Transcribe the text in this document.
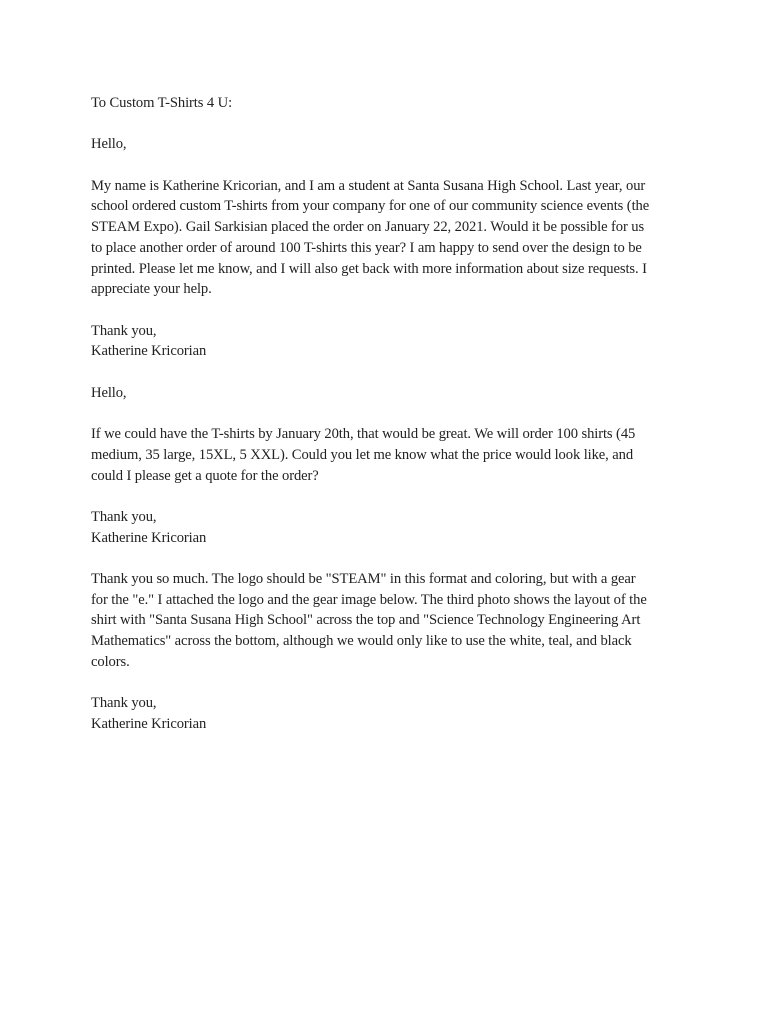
To Custom T-Shirts 4 U:

Hello,

My name is Katherine Kricorian, and I am a student at Santa Susana High School. Last year, our
school ordered custom T-shirts from your company for one of our community science events (the
STEAM Expo). Gail Sarkisian placed the order on January 22, 2021. Would it be possible for us
to place another order of around 100 T-shirts this year? I am happy to send over the design to be
printed. Please let me know, and I will also get back with more information about size requests. I
appreciate your help.

Thank you,
Katherine Kricorian

Hello,

If we could have the T-shirts by January 20th, that would be great. We will order 100 shirts (45
medium, 35 large, 15XL, 5 XXL). Could you let me know what the price would look like, and
could I please get a quote for the order?

Thank you,
Katherine Kricorian

Thank you so much. The logo should be "STEAM" in this format and coloring, but with a gear
for the "e." I attached the logo and the gear image below. The third photo shows the layout of the
shirt with "Santa Susana High School" across the top and "Science Technology Engineering Art
Mathematics" across the bottom, although we would only like to use the white, teal, and black
colors.

Thank you,
Katherine Kricorian
